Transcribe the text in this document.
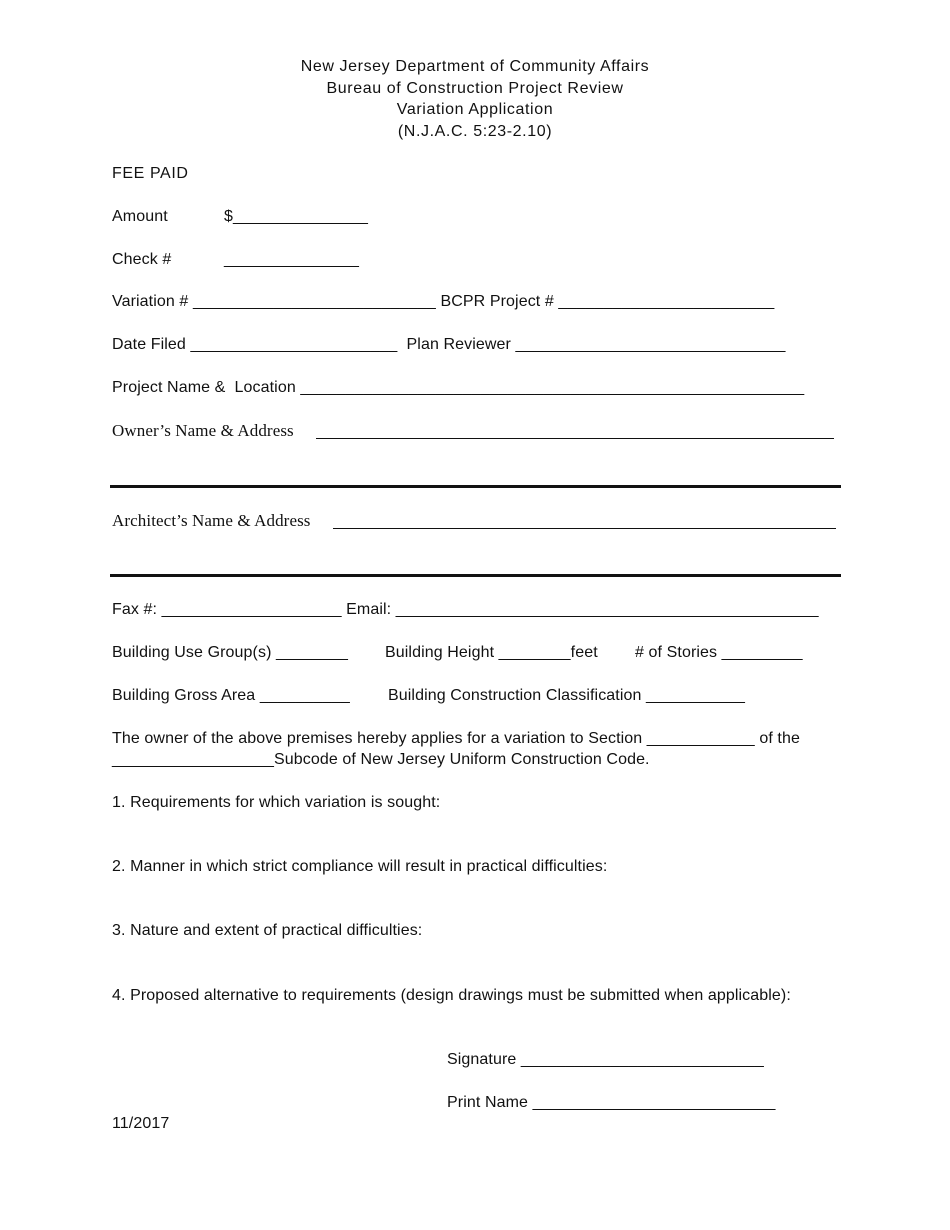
New Jersey Department of Community Affairs
Bureau of Construction Project Review
Variation Application
(N.J.A.C. 5:23-2.10)
FEE PAID
Amount	$_______________
Check #	_______________
Variation # ___________________________ BCPR Project # ________________________
Date Filed _______________________  Plan Reviewer ______________________________
Project Name &  Location ________________________________________________________
Owner’s Name & Address
Architect’s Name & Address
Fax #: ____________________ Email: _______________________________________________
Building Use Group(s) ________ Building Height ________feet # of Stories _________
Building Gross Area __________ Building Construction Classification ___________
The owner of the above premises hereby applies for a variation to Section ____________ of the
__________________Subcode of New Jersey Uniform Construction Code.
1. Requirements for which variation is sought:
2. Manner in which strict compliance will result in practical difficulties:
3. Nature and extent of practical difficulties:
4. Proposed alternative to requirements (design drawings must be submitted when applicable):
Signature ___________________________
Print Name ___________________________
11/2017
